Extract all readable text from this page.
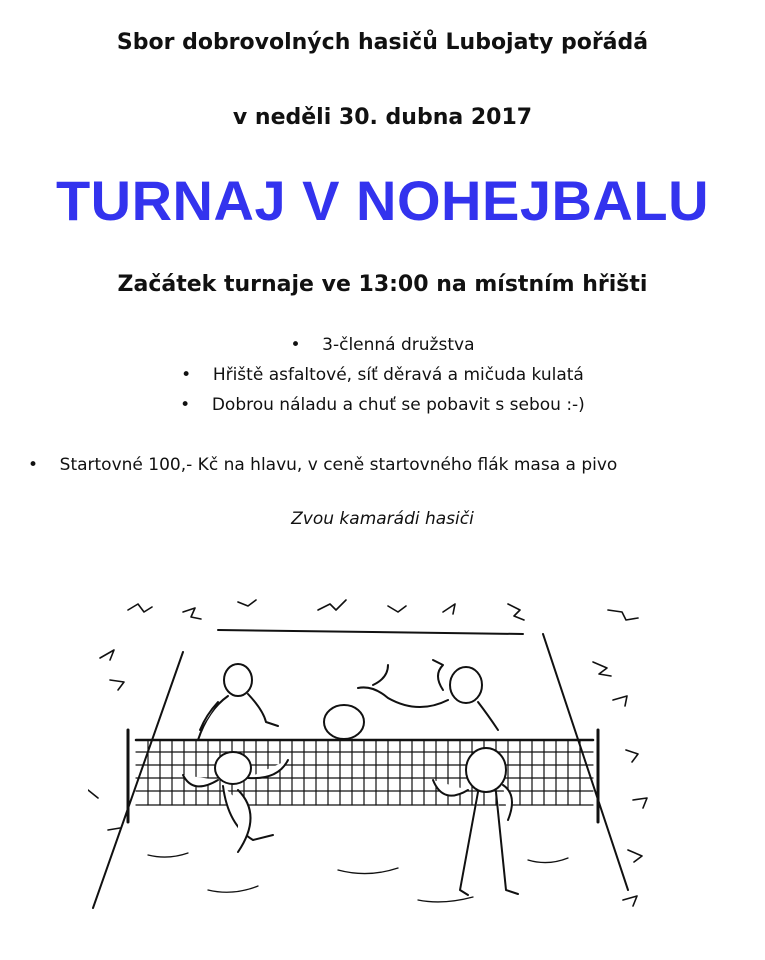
Sbor dobrovolných hasičů Lubojaty pořádá
v neděli 30. dubna 2017
TURNAJ V NOHEJBALU
Začátek turnaje ve 13:00 na místním hřišti
• 3-členná družstva
• Hřiště asfaltové, síť děravá a mičuda kulatá
• Dobrou náladu a chuť se pobavit s sebou :-)
• Startovné 100,- Kč na hlavu, v ceně startovného flák masa a pivo
Zvou kamarádi hasiči
